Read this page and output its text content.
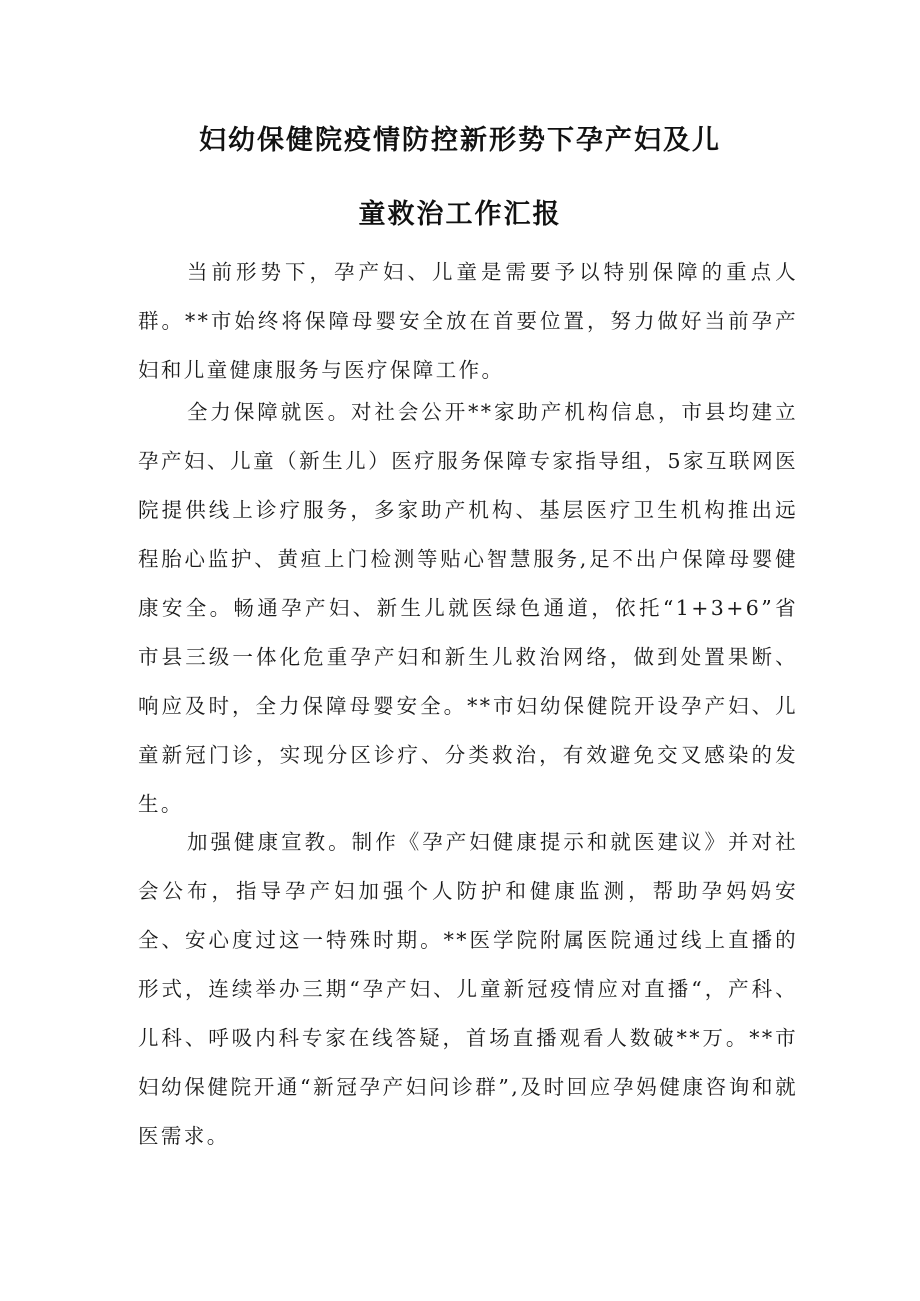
妇幼保健院疫情防控新形势下孕产妇及儿
童救治工作汇报

当前形势下，孕产妇、儿童是需要予以特别保障的重点人群。**市始终将保障母婴安全放在首要位置，努力做好当前孕产妇和儿童健康服务与医疗保障工作。

全力保障就医。对社会公开**家助产机构信息，市县均建立孕产妇、儿童（新生儿）医疗服务保障专家指导组，5家互联网医院提供线上诊疗服务，多家助产机构、基层医疗卫生机构推出远程胎心监护、黄疸上门检测等贴心智慧服务,足不出户保障母婴健康安全。畅通孕产妇、新生儿就医绿色通道，依托“1+3+6”省市县三级一体化危重孕产妇和新生儿救治网络，做到处置果断、响应及时，全力保障母婴安全。**市妇幼保健院开设孕产妇、儿童新冠门诊，实现分区诊疗、分类救治，有效避免交叉感染的发生。

加强健康宣教。制作《孕产妇健康提示和就医建议》并对社会公布，指导孕产妇加强个人防护和健康监测，帮助孕妈妈安全、安心度过这一特殊时期。**医学院附属医院通过线上直播的形式，连续举办三期“孕产妇、儿童新冠疫情应对直播“，产科、儿科、呼吸内科专家在线答疑，首场直播观看人数破**万。**市妇幼保健院开通“新冠孕产妇问诊群”,及时回应孕妈健康咨询和就医需求。
